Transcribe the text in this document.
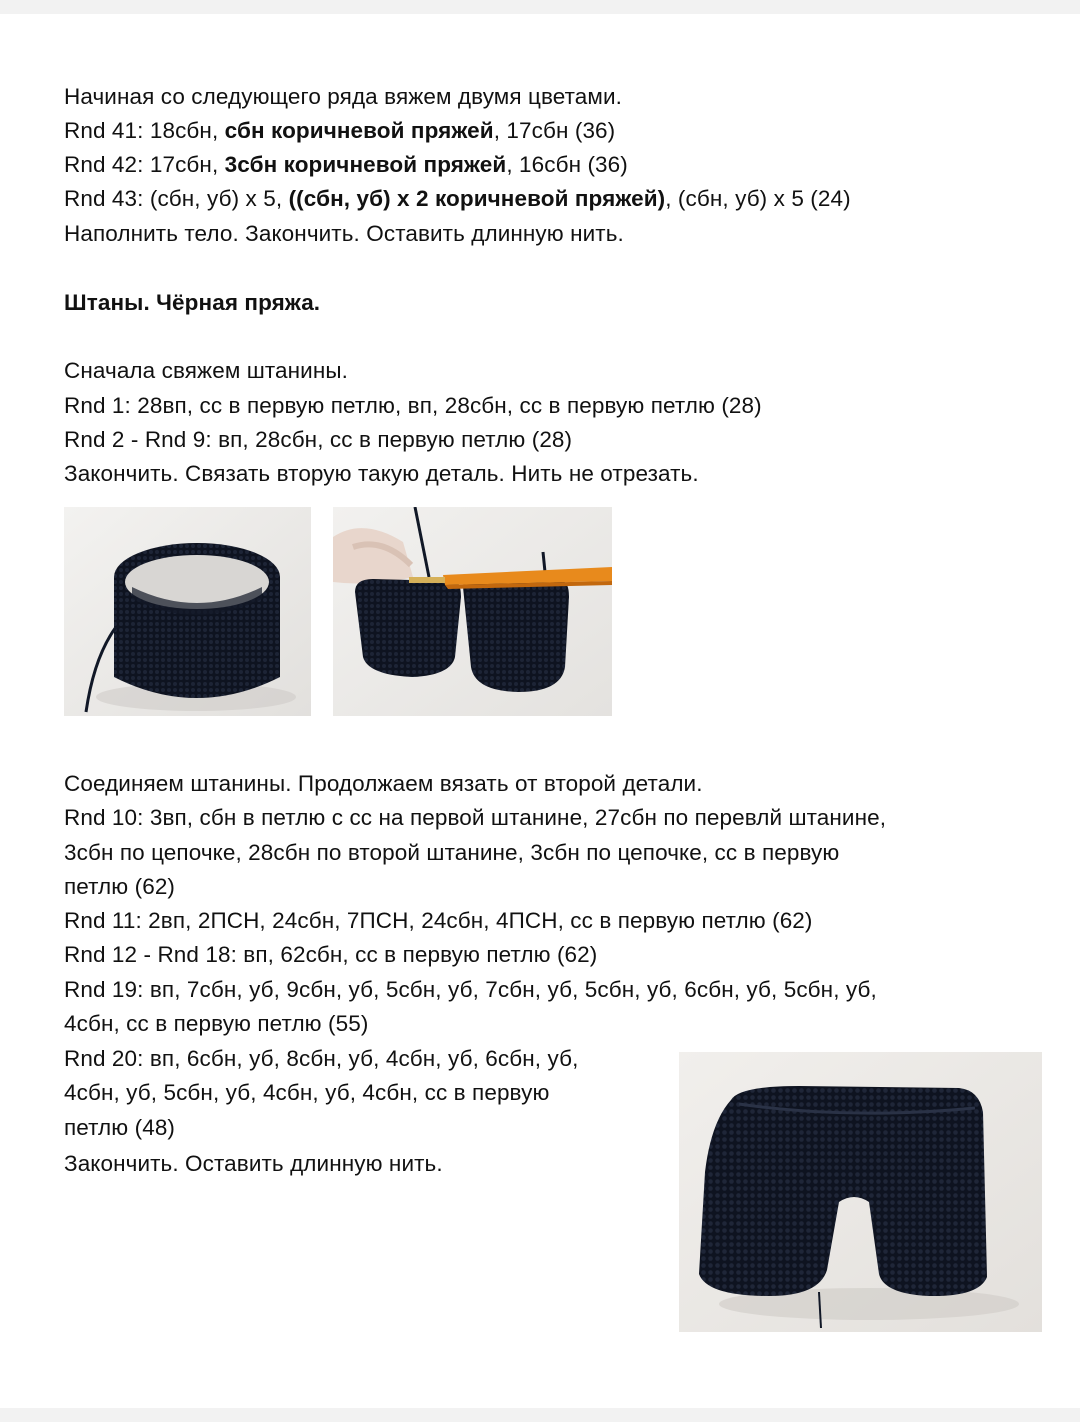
Начиная со следующего ряда вяжем двумя цветами.
Rnd 41: 18сбн, сбн коричневой пряжей, 17сбн (36)
Rnd 42: 17сбн, 3сбн коричневой пряжей, 16сбн (36)
Rnd 43: (сбн, уб) x 5, ((сбн, уб) x 2 коричневой пряжей), (сбн, уб) x 5 (24)
Наполнить тело. Закончить. Оставить длинную нить.
Штаны. Чёрная пряжа.
Сначала свяжем штанины.
Rnd 1: 28вп, сс в первую петлю, вп, 28сбн, сс в первую петлю (28)
Rnd 2 - Rnd 9: вп, 28сбн, сс в первую петлю (28)
Закончить. Связать вторую такую деталь. Нить не отрезать.
Соединяем штанины. Продолжаем вязать от второй детали.
Rnd 10: 3вп, сбн в петлю с сс на первой штанине, 27сбн по перевлй штанине,
3сбн по цепочке, 28сбн по второй штанине, 3сбн по цепочке, сс в первую
петлю (62)
Rnd 11: 2вп, 2ПСН, 24сбн, 7ПСН, 24сбн, 4ПСН, сс в первую петлю (62)
Rnd 12 - Rnd 18: вп, 62сбн, сс в первую петлю (62)
Rnd 19: вп, 7сбн, уб, 9сбн, уб, 5сбн, уб, 7сбн, уб, 5сбн, уб, 6сбн, уб, 5сбн, уб,
4сбн, сс в первую петлю (55)
Rnd 20: вп, 6сбн, уб, 8сбн, уб, 4сбн, уб, 6сбн, уб,
4сбн, уб, 5сбн, уб, 4сбн, уб, 4сбн, сс в первую
петлю (48)
Закончить. Оставить длинную нить.
